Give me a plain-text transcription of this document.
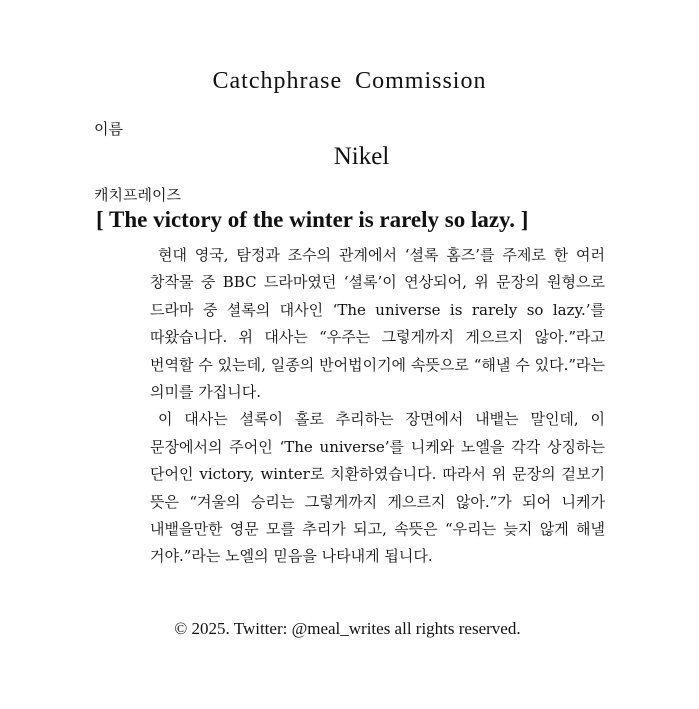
Catchphrase Commission
이름
Nikel
캐치프레이즈
[ The victory of the winter is rarely so lazy. ]

현대 영국, 탐정과 조수의 관계에서 ‘셜록 홈즈’를 주제로 한 여러 창작물 중 BBC 드라마였던 ‘셜록’이 연상되어, 위 문장의 원형으로 드라마 중 셜록의 대사인 ‘The universe is rarely so lazy.’를 따왔습니다. 위 대사는 “우주는 그렇게까지 게으르지 않아.”라고 번역할 수 있는데, 일종의 반어법이기에 속뜻으로 “해낼 수 있다.”라는 의미를 가집니다.

이 대사는 셜록이 홀로 추리하는 장면에서 내뱉는 말인데, 이 문장에서의 주어인 ‘The universe’를 니케와 노엘을 각각 상징하는 단어인 victory, winter로 치환하였습니다. 따라서 위 문장의 겉보기 뜻은 “겨울의 승리는 그렇게까지 게으르지 않아.”가 되어 니케가 내뱉을만한 영문 모를 추리가 되고, 속뜻은 “우리는 늦지 않게 해낼 거야.”라는 노엘의 믿음을 나타내게 됩니다.

© 2025. Twitter: @meal_writes all rights reserved.
